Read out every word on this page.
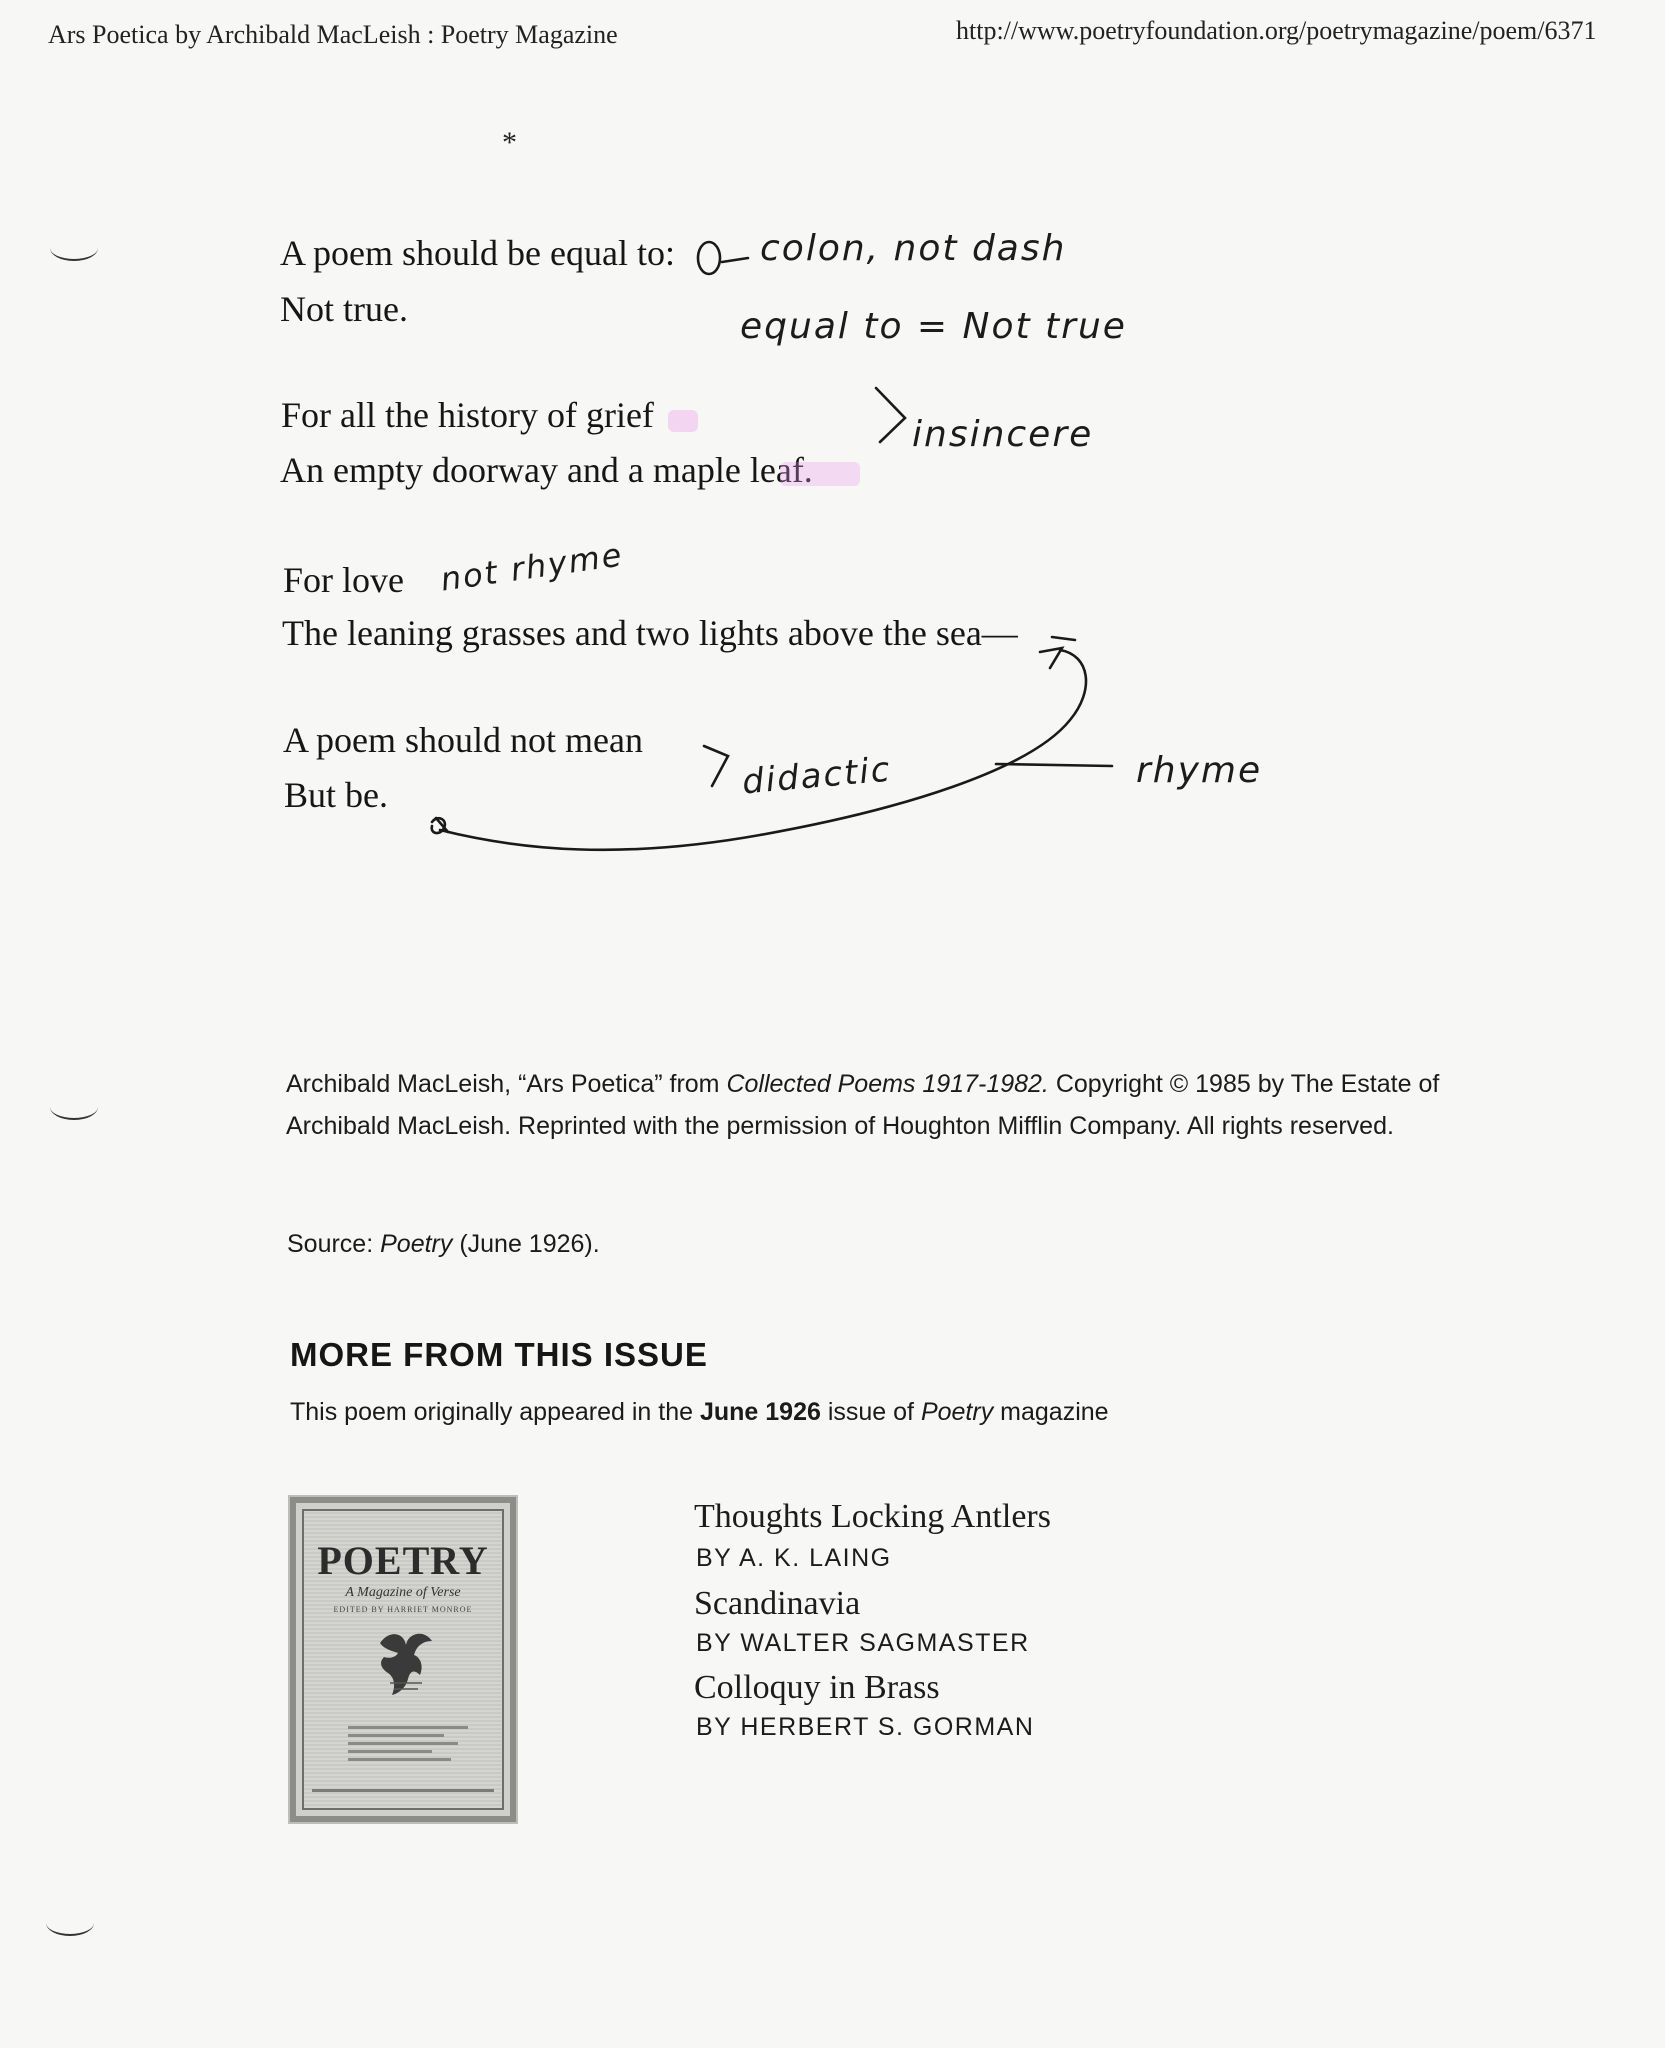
Ars Poetica by Archibald MacLeish : Poetry Magazine	http://www.poetryfoundation.org/poetrymagazine/poem/6371
*
A poem should be equal to:
Not true.
For all the history of grief
An empty doorway and a maple leaf.
For love
The leaning grasses and two lights above the sea—
A poem should not mean
But be.
colon, not dash
equal to = Not true
insincere
not rhyme
didactic	rhyme
Archibald MacLeish, “Ars Poetica” from Collected Poems 1917-1982. Copyright © 1985 by The Estate of Archibald MacLeish. Reprinted with the permission of Houghton Mifflin Company. All rights reserved.
Source: Poetry (June 1926).
MORE FROM THIS ISSUE
This poem originally appeared in the June 1926 issue of Poetry magazine
POETRY
A Magazine of Verse
EDITED BY HARRIET MONROE
Thoughts Locking Antlers
BY A. K. LAING
Scandinavia
BY WALTER SAGMASTER
Colloquy in Brass
BY HERBERT S. GORMAN
